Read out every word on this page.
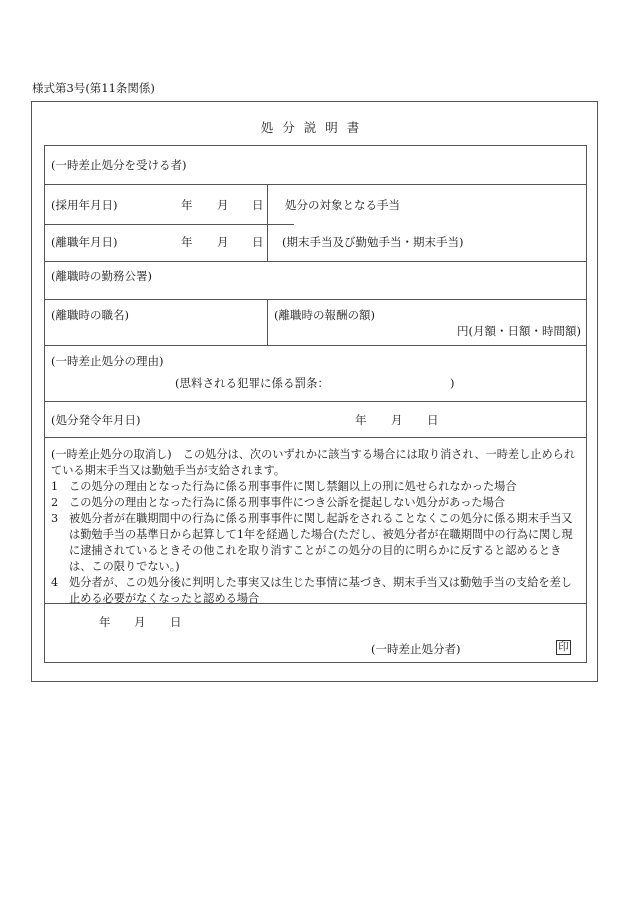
様式第3号(第11条関係)
処分説明書
(一時差止処分を受ける者)
(採用年月日)	年 月 日 処分の対象となる手当
(離職年月日)	年 月 日 (期末手当及び勤勉手当・期末手当)
(離職時の勤務公署)
(離職時の職名)	(離職時の報酬の額)
円(月額・日額・時間額)
(一時差止処分の理由)
(思料される犯罪に係る罰条：	)
(処分発令年月日)	年 月 日

(一時差止処分の取消し)　この処分は、次のいずれかに該当する場合には取り消され、一時差し止められている期末手当又は勤勉手当が支給されます。

1 この処分の理由となった行為に係る刑事事件に関し禁錮以上の刑に処せられなかった場合
2 この処分の理由となった行為に係る刑事事件につき公訴を提起しない処分があった場合
3 被処分者が在職期間中の行為に係る刑事事件に関し起訴をされることなくこの処分に係る期末手当又は勤勉手当の基準日から起算して1年を経過した場合(ただし、被処分者が在職期間中の行為に関し現に逮捕されているときその他これを取り消すことがこの処分の目的に明らかに反すると認めるときは、この限りでない。)
4 処分者が、この処分後に判明した事実又は生じた事情に基づき、期末手当又は勤勉手当の支給を差し止める必要がなくなったと認める場合
年 月 日
(一時差止処分者)	印
